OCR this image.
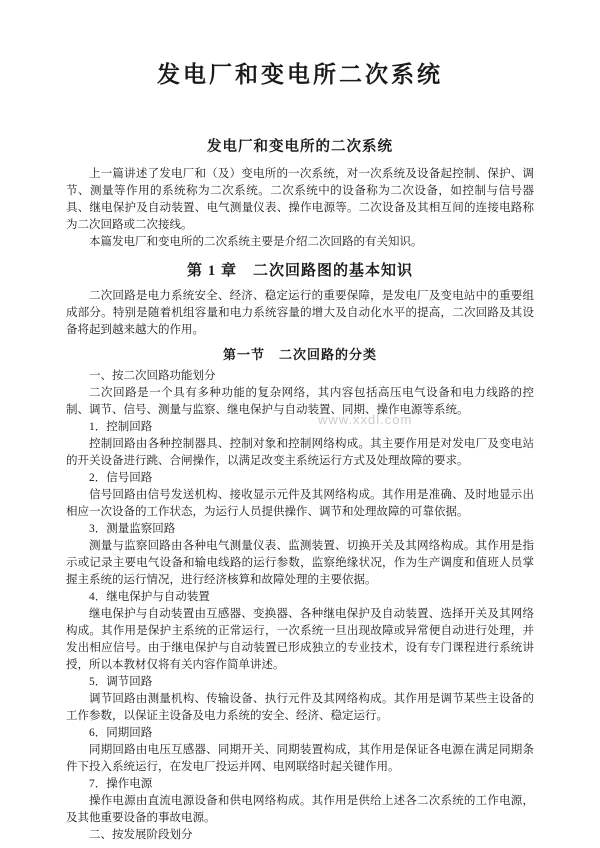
www.xxdl.com
发电厂和变电所二次系统
发电厂和变电所的二次系统

上一篇讲述了发电厂和（及）变电所的一次系统，对一次系统及设备起控制、保护、调节、测量等作用的系统称为二次系统。二次系统中的设备称为二次设备，如控制与信号器具、继电保护及自动装置、电气测量仪表、操作电源等。二次设备及其相互间的连接电路称为二次回路或二次接线。

本篇发电厂和变电所的二次系统主要是介绍二次回路的有关知识。

第 1 章　二次回路图的基本知识

二次回路是电力系统安全、经济、稳定运行的重要保障，是发电厂及变电站中的重要组成部分。特别是随着机组容量和电力系统容量的增大及自动化水平的提高，二次回路及其设备将起到越来越大的作用。

第一节　二次回路的分类

一、按二次回路功能划分

二次回路是一个具有多种功能的复杂网络，其内容包括高压电气设备和电力线路的控制、调节、信号、测量与监察、继电保护与自动装置、同期、操作电源等系统。

1．控制回路

控制回路由各种控制器具、控制对象和控制网络构成。其主要作用是对发电厂及变电站的开关设备进行跳、合闸操作，以满足改变主系统运行方式及处理故障的要求。

2．信号回路

信号回路由信号发送机构、接收显示元件及其网络构成。其作用是准确、及时地显示出相应一次设备的工作状态，为运行人员提供操作、调节和处理故障的可靠依据。

3．测量监察回路

测量与监察回路由各种电气测量仪表、监测装置、切换开关及其网络构成。其作用是指示或记录主要电气设备和输电线路的运行参数，监察绝缘状况，作为生产调度和值班人员掌握主系统的运行情况，进行经济核算和故障处理的主要依据。

4．继电保护与自动装置

继电保护与自动装置由互感器、变换器、各种继电保护及自动装置、选择开关及其网络构成。其作用是保护主系统的正常运行，一次系统一旦出现故障或异常便自动进行处理，并发出相应信号。由于继电保护与自动装置已形成独立的专业技术，设有专门课程进行系统讲授，所以本教材仅将有关内容作简单讲述。

5．调节回路

调节回路由测量机构、传输设备、执行元件及其网络构成。其作用是调节某些主设备的工作参数，以保证主设备及电力系统的安全、经济、稳定运行。

6．同期回路

同期回路由电压互感器、同期开关、同期装置构成，其作用是保证各电源在满足同期条件下投入系统运行，在发电厂投运并网、电网联络时起关键作用。

7．操作电源

操作电源由直流电源设备和供电网络构成。其作用是供给上述各二次系统的工作电源，及其他重要设备的事故电源。

二、按发展阶段划分
